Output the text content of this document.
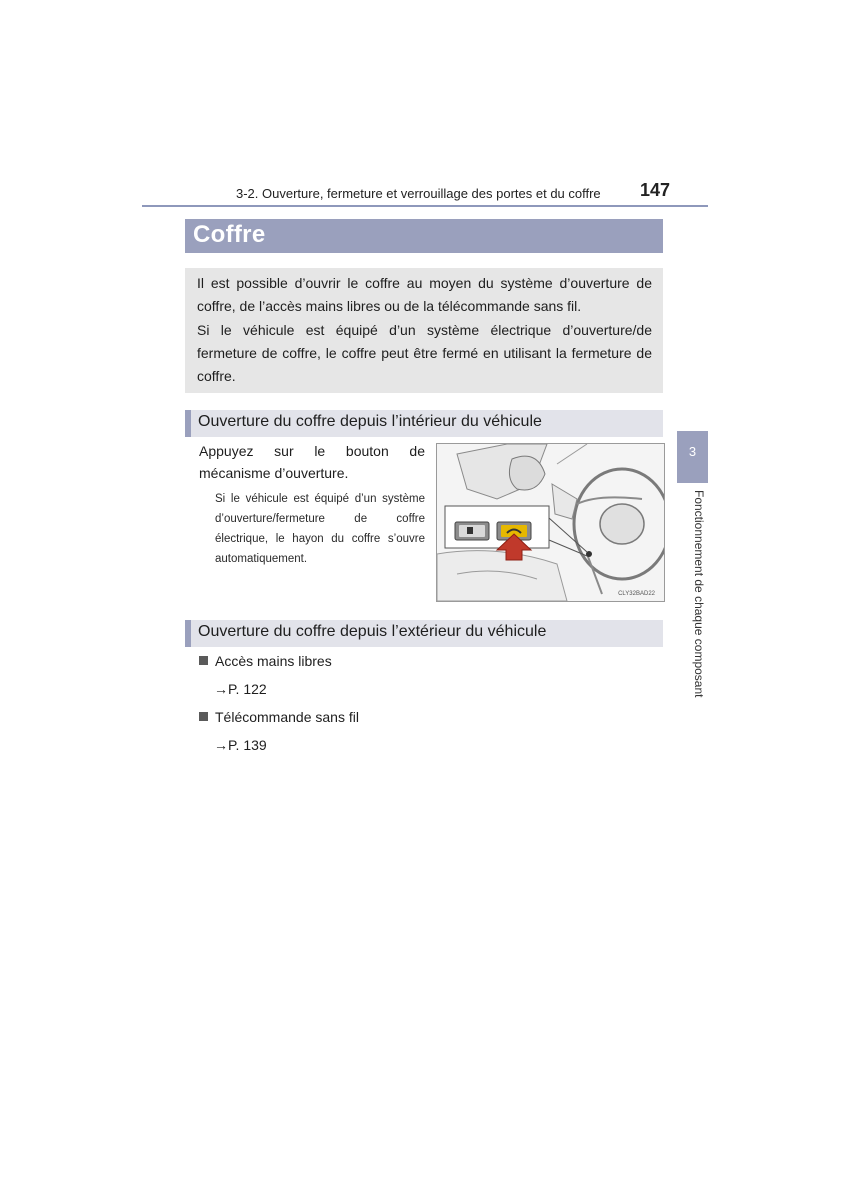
3-2. Ouverture, fermeture et verrouillage des portes et du coffre 147
Coffre

Il est possible d’ouvrir le coffre au moyen du système d’ouverture de coffre, de l’accès mains libres ou de la télécommande sans fil.

Si le véhicule est équipé d’un système électrique d’ouverture/de fermeture de coffre, le coffre peut être fermé en utilisant la fermeture de coffre.

Ouverture du coffre depuis l’intérieur du véhicule

Appuyez sur le bouton de mécanisme d’ouverture.

Si le véhicule est équipé d’un système d’ouverture/fermeture de coffre électrique, le hayon du coffre s’ouvre automatiquement.

CLY32BAD22
Ouverture du coffre depuis l’extérieur du véhicule
Accès mains libres
→P. 122
Télécommande sans fil
→P. 139
3
Fonctionnement de chaque composant
